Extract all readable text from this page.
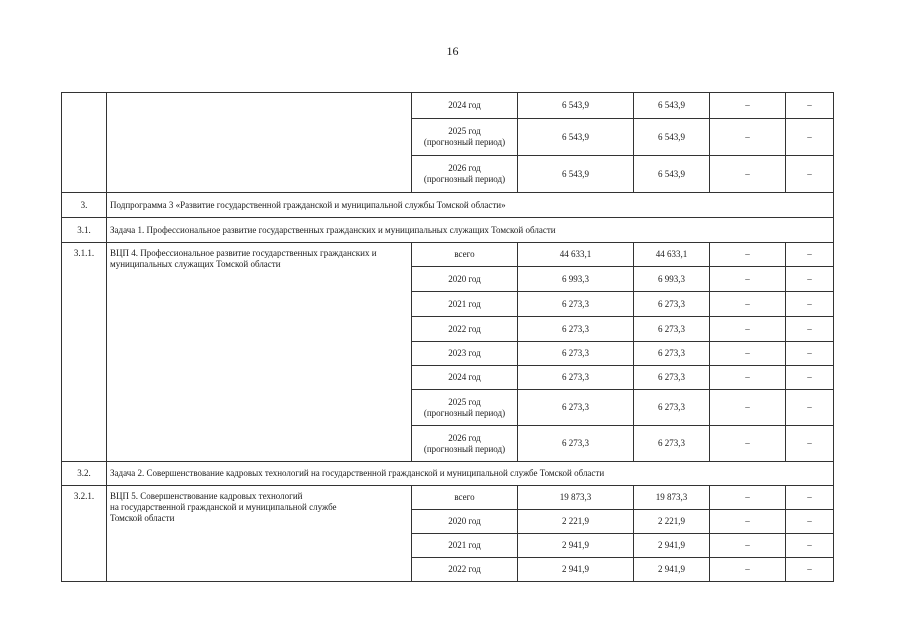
16
		2024 год	6 543,9	6 543,9	–	–
		2025 год
(прогнозный период)	6 543,9	6 543,9	–	–
		2026 год
(прогнозный период)	6 543,9	6 543,9	–	–
3.	Подпрограмма 3 «Развитие государственной гражданской и муниципальной службы Томской области»					
3.1.	Задача 1. Профессиональное развитие государственных гражданских и муниципальных служащих Томской области					
3.1.1.	ВЦП 4. Профессиональное развитие государственных гражданских и муниципальных служащих Томской области	всего	44 633,1	44 633,1	–	–
		2020 год	6 993,3	6 993,3	–	–
		2021 год	6 273,3	6 273,3	–	–
		2022 год	6 273,3	6 273,3	–	–
		2023 год	6 273,3	6 273,3	–	–
		2024 год	6 273,3	6 273,3	–	–
		2025 год
(прогнозный период)	6 273,3	6 273,3	–	–
		2026 год
(прогнозный период)	6 273,3	6 273,3	–	–
3.2.	Задача 2. Совершенствование кадровых технологий на государственной гражданской и муниципальной службе Томской области					
3.2.1.	ВЦП 5. Совершенствование кадровых технологий
на государственной гражданской и муниципальной службе
Томской области	всего	19 873,3	19 873,3	–	–
		2020 год	2 221,9	2 221,9	–	–
		2021 год	2 941,9	2 941,9	–	–
		2022 год	2 941,9	2 941,9	–	–
